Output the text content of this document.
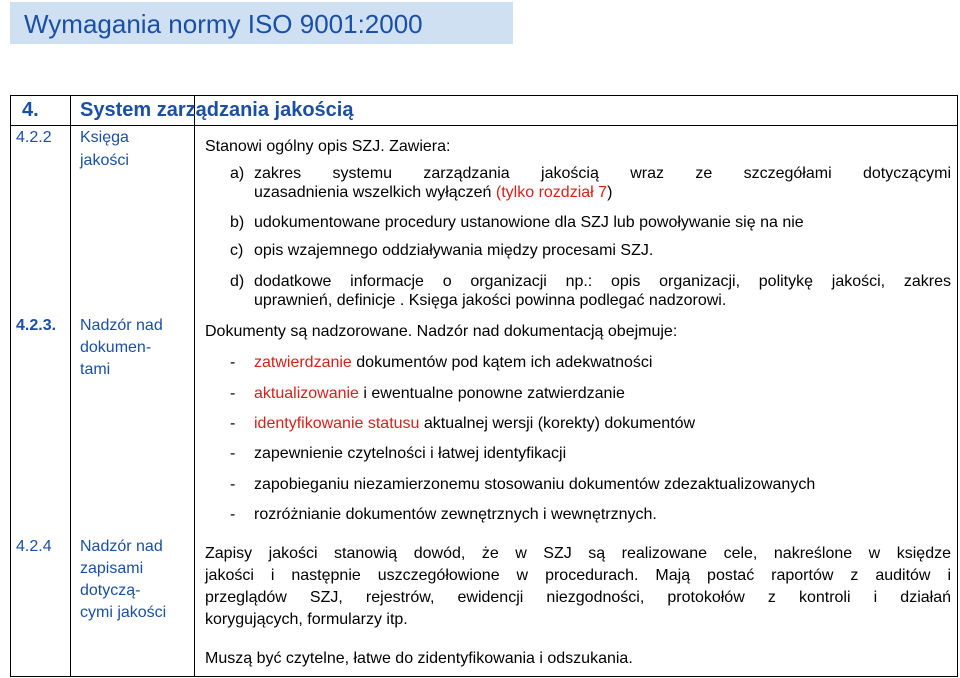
Wymagania normy ISO 9001:2000
4. System zarządzania jakością
4.2.2 Księga
jakości
Stanowi ogólny opis SZJ. Zawiera:
a) zakres systemu zarządzania jakością wraz ze szczegółami dotyczącymi
uzasadnienia wszelkich wyłączeń (tylko rozdział 7)
b) udokumentowane procedury ustanowione dla SZJ lub powoływanie się na nie
c) opis wzajemnego oddziaływania między procesami SZJ.
d) dodatkowe informacje o organizacji np.: opis organizacji, politykę jakości, zakres
uprawnień, definicje . Księga jakości powinna podlegać nadzorowi.
4.2.3. Nadzór nad
dokumen-
tami
Dokumenty są nadzorowane. Nadzór nad dokumentacją obejmuje:
- zatwierdzanie dokumentów pod kątem ich adekwatności
- aktualizowanie i ewentualne ponowne zatwierdzanie
- identyfikowanie statusu aktualnej wersji (korekty) dokumentów
- zapewnienie czytelności i łatwej identyfikacji
- zapobieganiu niezamierzonemu stosowaniu dokumentów zdezaktualizowanych
- rozróżnianie dokumentów zewnętrznych i wewnętrznych.
4.2.4 Nadzór nad
zapisami
dotyczą-
cymi jakości
Zapisy jakości stanowią dowód, że w SZJ są realizowane cele, nakreślone w księdze
jakości i następnie uszczegółowione w procedurach. Mają postać raportów z auditów i
przeglądów SZJ, rejestrów, ewidencji niezgodności, protokołów z kontroli i działań
korygujących, formularzy itp.
Muszą być czytelne, łatwe do zidentyfikowania i odszukania.
